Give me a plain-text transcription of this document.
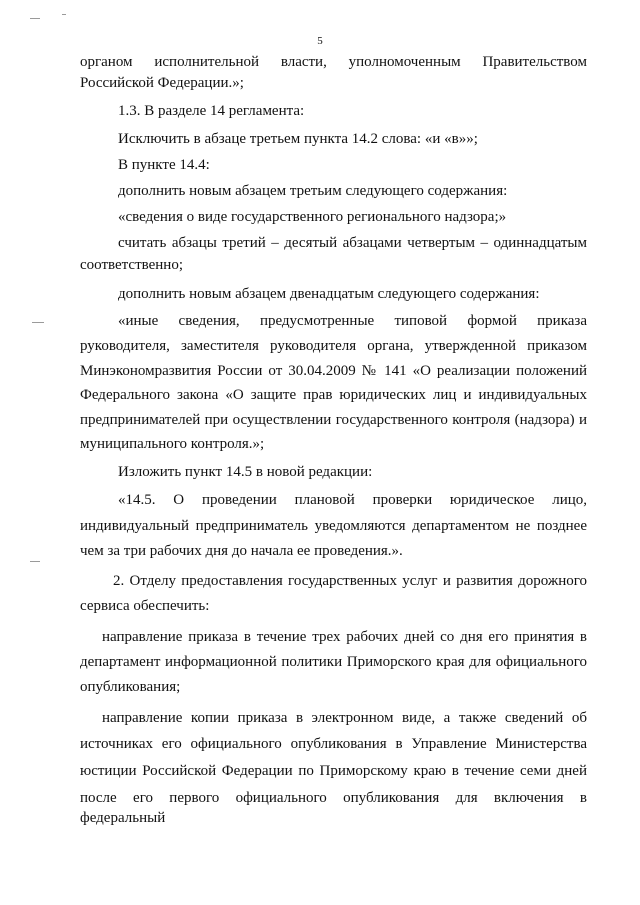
5

органом исполнительной власти, уполномоченным Правительством

Российской Федерации.»;

1.3. В разделе 14 регламента:

Исключить в абзаце третьем пункта 14.2 слова: «и «в»»;

В пункте 14.4:

дополнить новым абзацем третьим следующего содержания:

«сведения о виде государственного регионального надзора;»

считать абзацы третий – десятый абзацами четвертым – одиннадцатым

соответственно;

дополнить новым абзацем двенадцатым следующего содержания:

«иные сведения, предусмотренные типовой формой приказа

руководителя, заместителя руководителя органа, утвержденной приказом

Минэкономразвития России от 30.04.2009 № 141 «О реализации положений

Федерального закона «О защите прав юридических лиц и индивидуальных

предпринимателей при осуществлении государственного контроля (надзора) и

муниципального контроля.»;

Изложить пункт 14.5 в новой редакции:

«14.5. О проведении плановой проверки юридическое лицо,

индивидуальный предприниматель уведомляются департаментом не позднее

чем за три рабочих дня до начала ее проведения.».

2. Отделу предоставления государственных услуг и развития дорожного

сервиса обеспечить:

направление приказа в течение трех рабочих дней со дня его принятия в

департамент информационной политики Приморского края для официального

опубликования;

направление копии приказа в электронном виде, а также сведений об

источниках его официального опубликования в Управление Министерства

юстиции Российской Федерации по Приморскому краю в течение семи дней

после его первого официального опубликования для включения в федеральный
